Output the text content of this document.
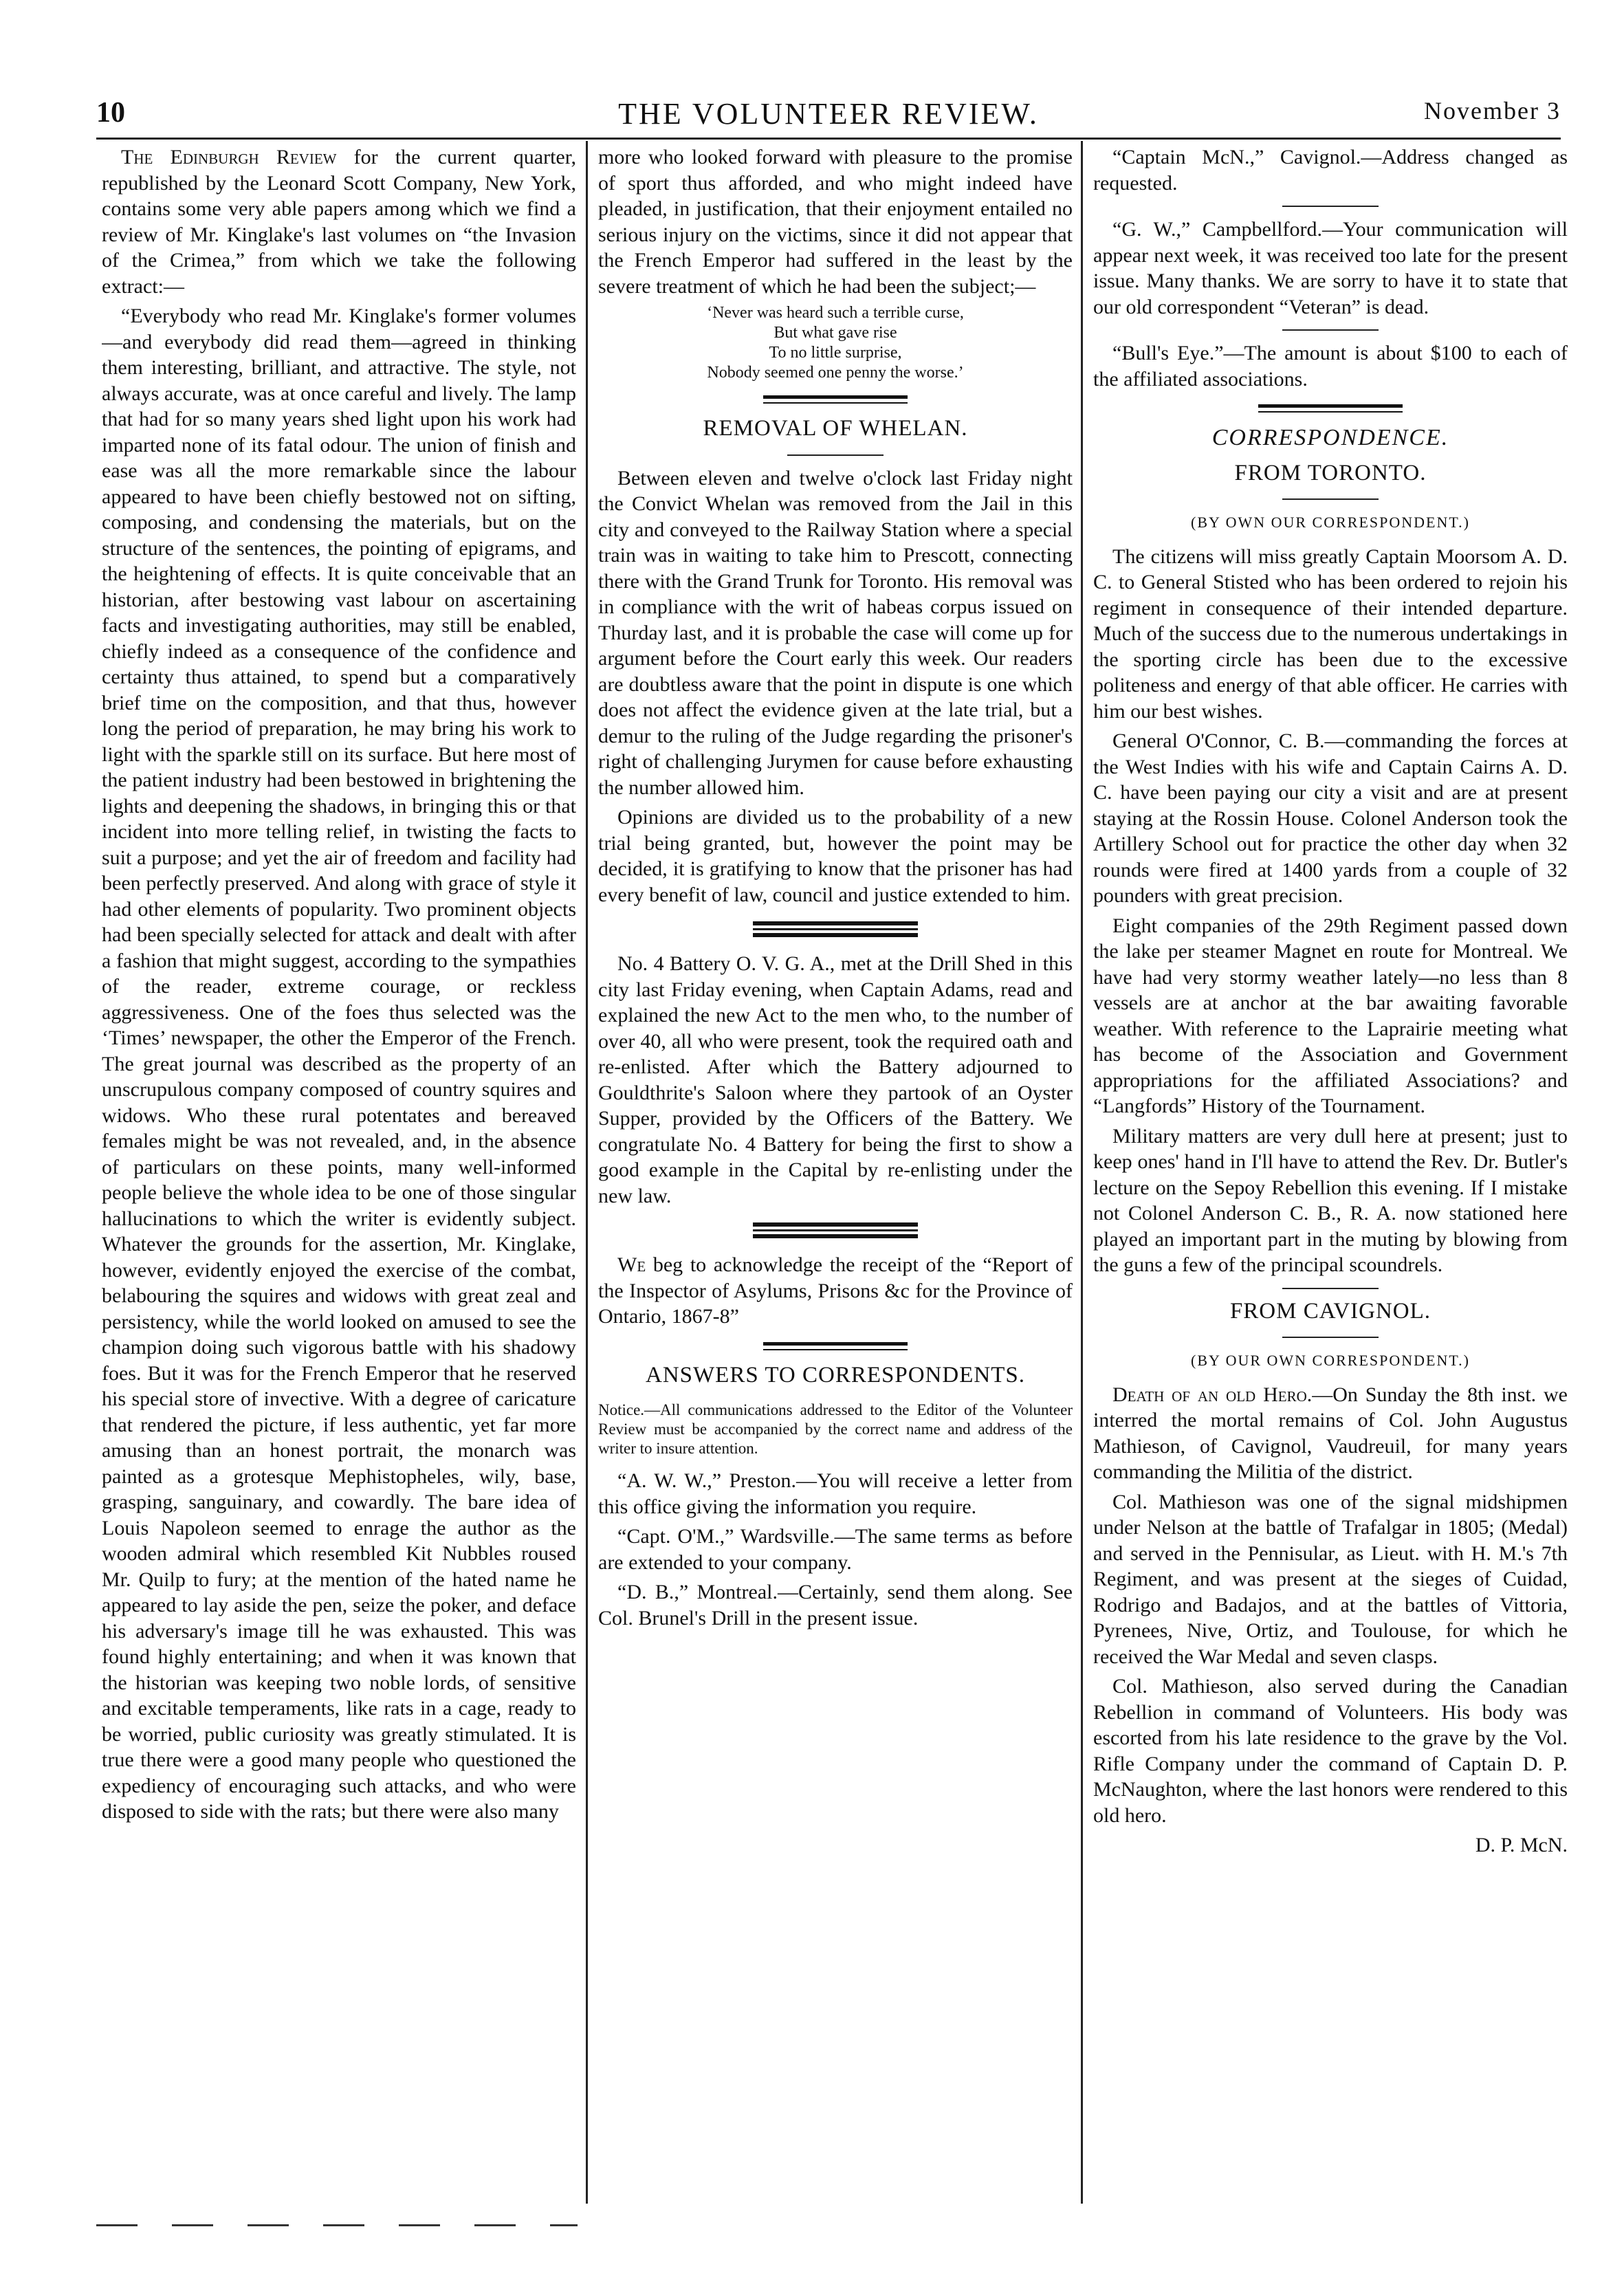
10	THE VOLUNTEER REVIEW.	November 3

The Edinburgh Review for the current quarter, republished by the Leonard Scott Company, New York, contains some very able papers among which we find a review of Mr. Kinglake's last volumes on “the Invasion of the Crimea,” from which we take the following extract:—

“Everybody who read Mr. Kinglake's former volumes—and everybody did read them—agreed in thinking them interesting, brilliant, and attractive. The style, not always accurate, was at once careful and lively. The lamp that had for so many years shed light upon his work had imparted none of its fatal odour. The union of finish and ease was all the more remarkable since the labour appeared to have been chiefly bestowed not on sifting, composing, and condensing the materials, but on the structure of the sentences, the pointing of epigrams, and the heightening of effects. It is quite conceivable that an historian, after bestowing vast labour on ascertaining facts and investigating authorities, may still be enabled, chiefly indeed as a consequence of the confidence and certainty thus attained, to spend but a comparatively brief time on the composition, and that thus, however long the period of preparation, he may bring his work to light with the sparkle still on its surface. But here most of the patient industry had been bestowed in brightening the lights and deepening the shadows, in bringing this or that incident into more telling relief, in twisting the facts to suit a purpose; and yet the air of freedom and facility had been perfectly preserved. And along with grace of style it had other elements of popularity. Two prominent objects had been specially selected for attack and dealt with after a fashion that might suggest, according to the sympathies of the reader, extreme courage, or reckless aggressiveness. One of the foes thus selected was the ‘Times’ newspaper, the other the Emperor of the French. The great journal was described as the property of an unscrupulous company composed of country squires and widows. Who these rural potentates and bereaved females might be was not revealed, and, in the absence of particulars on these points, many well-informed people believe the whole idea to be one of those singular hallucinations to which the writer is evidently subject. Whatever the grounds for the assertion, Mr. Kinglake, however, evidently enjoyed the exercise of the combat, belabouring the squires and widows with great zeal and persistency, while the world looked on amused to see the champion doing such vigorous battle with his shadowy foes. But it was for the French Emperor that he reserved his special store of invective. With a degree of caricature that rendered the picture, if less authentic, yet far more amusing than an honest portrait, the monarch was painted as a grotesque Mephistopheles, wily, base, grasping, sanguinary, and cowardly. The bare idea of Louis Napoleon seemed to enrage the author as the wooden admiral which resembled Kit Nubbles roused Mr. Quilp to fury; at the mention of the hated name he appeared to lay aside the pen, seize the poker, and deface his adversary's image till he was exhausted. This was found highly entertaining; and when it was known that the historian was keeping two noble lords, of sensitive and excitable temperaments, like rats in a cage, ready to be worried, public curiosity was greatly stimulated. It is true there were a good many people who questioned the expediency of encouraging such attacks, and who were disposed to side with the rats; but there were also many

more who looked forward with pleasure to the promise of sport thus afforded, and who might indeed have pleaded, in justification, that their enjoyment entailed no serious injury on the victims, since it did not appear that the French Emperor had suffered in the least by the severe treatment of which he had been the subject;—

‘Never was heard such a terrible curse,
But what gave rise
To no little surprise,
Nobody seemed one penny the worse.’
REMOVAL OF WHELAN.

Between eleven and twelve o'clock last Friday night the Convict Whelan was removed from the Jail in this city and conveyed to the Railway Station where a special train was in waiting to take him to Prescott, connecting there with the Grand Trunk for Toronto. His removal was in compliance with the writ of habeas corpus issued on Thurday last, and it is probable the case will come up for argument before the Court early this week. Our readers are doubtless aware that the point in dispute is one which does not affect the evidence given at the late trial, but a demur to the ruling of the Judge regarding the prisoner's right of challenging Jurymen for cause before exhausting the number allowed him.

Opinions are divided us to the probability of a new trial being granted, but, however the point may be decided, it is gratifying to know that the prisoner has had every benefit of law, council and justice extended to him.

No. 4 Battery O. V. G. A., met at the Drill Shed in this city last Friday evening, when Captain Adams, read and explained the new Act to the men who, to the number of over 40, all who were present, took the required oath and re-enlisted. After which the Battery adjourned to Gouldthrite's Saloon where they partook of an Oyster Supper, provided by the Officers of the Battery. We congratulate No. 4 Battery for being the first to show a good example in the Capital by re-enlisting under the new law.

We beg to acknowledge the receipt of the “Report of the Inspector of Asylums, Prisons &c for the Province of Ontario, 1867-8”

ANSWERS TO CORRESPONDENTS.
Notice.—All communications addressed to the Editor of the Volunteer Review must be accompanied by the correct name and address of the writer to insure attention.

“A. W. W.,” Preston.—You will receive a letter from this office giving the information you require.

“Capt. O'M.,” Wardsville.—The same terms as before are extended to your company.

“D. B.,” Montreal.—Certainly, send them along. See Col. Brunel's Drill in the present issue.

“Captain McN.,” Cavignol.—Address changed as requested.

“G. W.,” Campbellford.—Your communication will appear next week, it was received too late for the present issue. Many thanks. We are sorry to have it to state that our old correspondent “Veteran” is dead.

“Bull's Eye.”—The amount is about $100 to each of the affiliated associations.

CORRESPONDENCE.
FROM TORONTO.
(BY OWN OUR CORRESPONDENT.)

The citizens will miss greatly Captain Moorsom A. D. C. to General Stisted who has been ordered to rejoin his regiment in consequence of their intended departure. Much of the success due to the numerous undertakings in the sporting circle has been due to the excessive politeness and energy of that able officer. He carries with him our best wishes.

General O'Connor, C. B.—commanding the forces at the West Indies with his wife and Captain Cairns A. D. C. have been paying our city a visit and are at present staying at the Rossin House. Colonel Anderson took the Artillery School out for practice the other day when 32 rounds were fired at 1400 yards from a couple of 32 pounders with great precision.

Eight companies of the 29th Regiment passed down the lake per steamer Magnet en route for Montreal. We have had very stormy weather lately—no less than 8 vessels are at anchor at the bar awaiting favorable weather. With reference to the Laprairie meeting what has become of the Association and Government appropriations for the affiliated Associations? and “Langfords” History of the Tournament.

Military matters are very dull here at present; just to keep ones' hand in I'll have to attend the Rev. Dr. Butler's lecture on the Sepoy Rebellion this evening. If I mistake not Colonel Anderson C. B., R. A. now stationed here played an important part in the muting by blowing from the guns a few of the principal scoundrels.

FROM CAVIGNOL.
(BY OUR OWN CORRESPONDENT.)

Death of an old Hero.—On Sunday the 8th inst. we interred the mortal remains of Col. John Augustus Mathieson, of Cavignol, Vaudreuil, for many years commanding the Militia of the district.

Col. Mathieson was one of the signal midshipmen under Nelson at the battle of Trafalgar in 1805; (Medal) and served in the Pennisular, as Lieut. with H. M.'s 7th Regiment, and was present at the sieges of Cuidad, Rodrigo and Badajos, and at the battles of Vittoria, Pyrenees, Nive, Ortiz, and Toulouse, for which he received the War Medal and seven clasps.

Col. Mathieson, also served during the Canadian Rebellion in command of Volunteers. His body was escorted from his late residence to the grave by the Vol. Rifle Company under the command of Captain D. P. McNaughton, where the last honors were rendered to this old hero.

D. P. McN.
